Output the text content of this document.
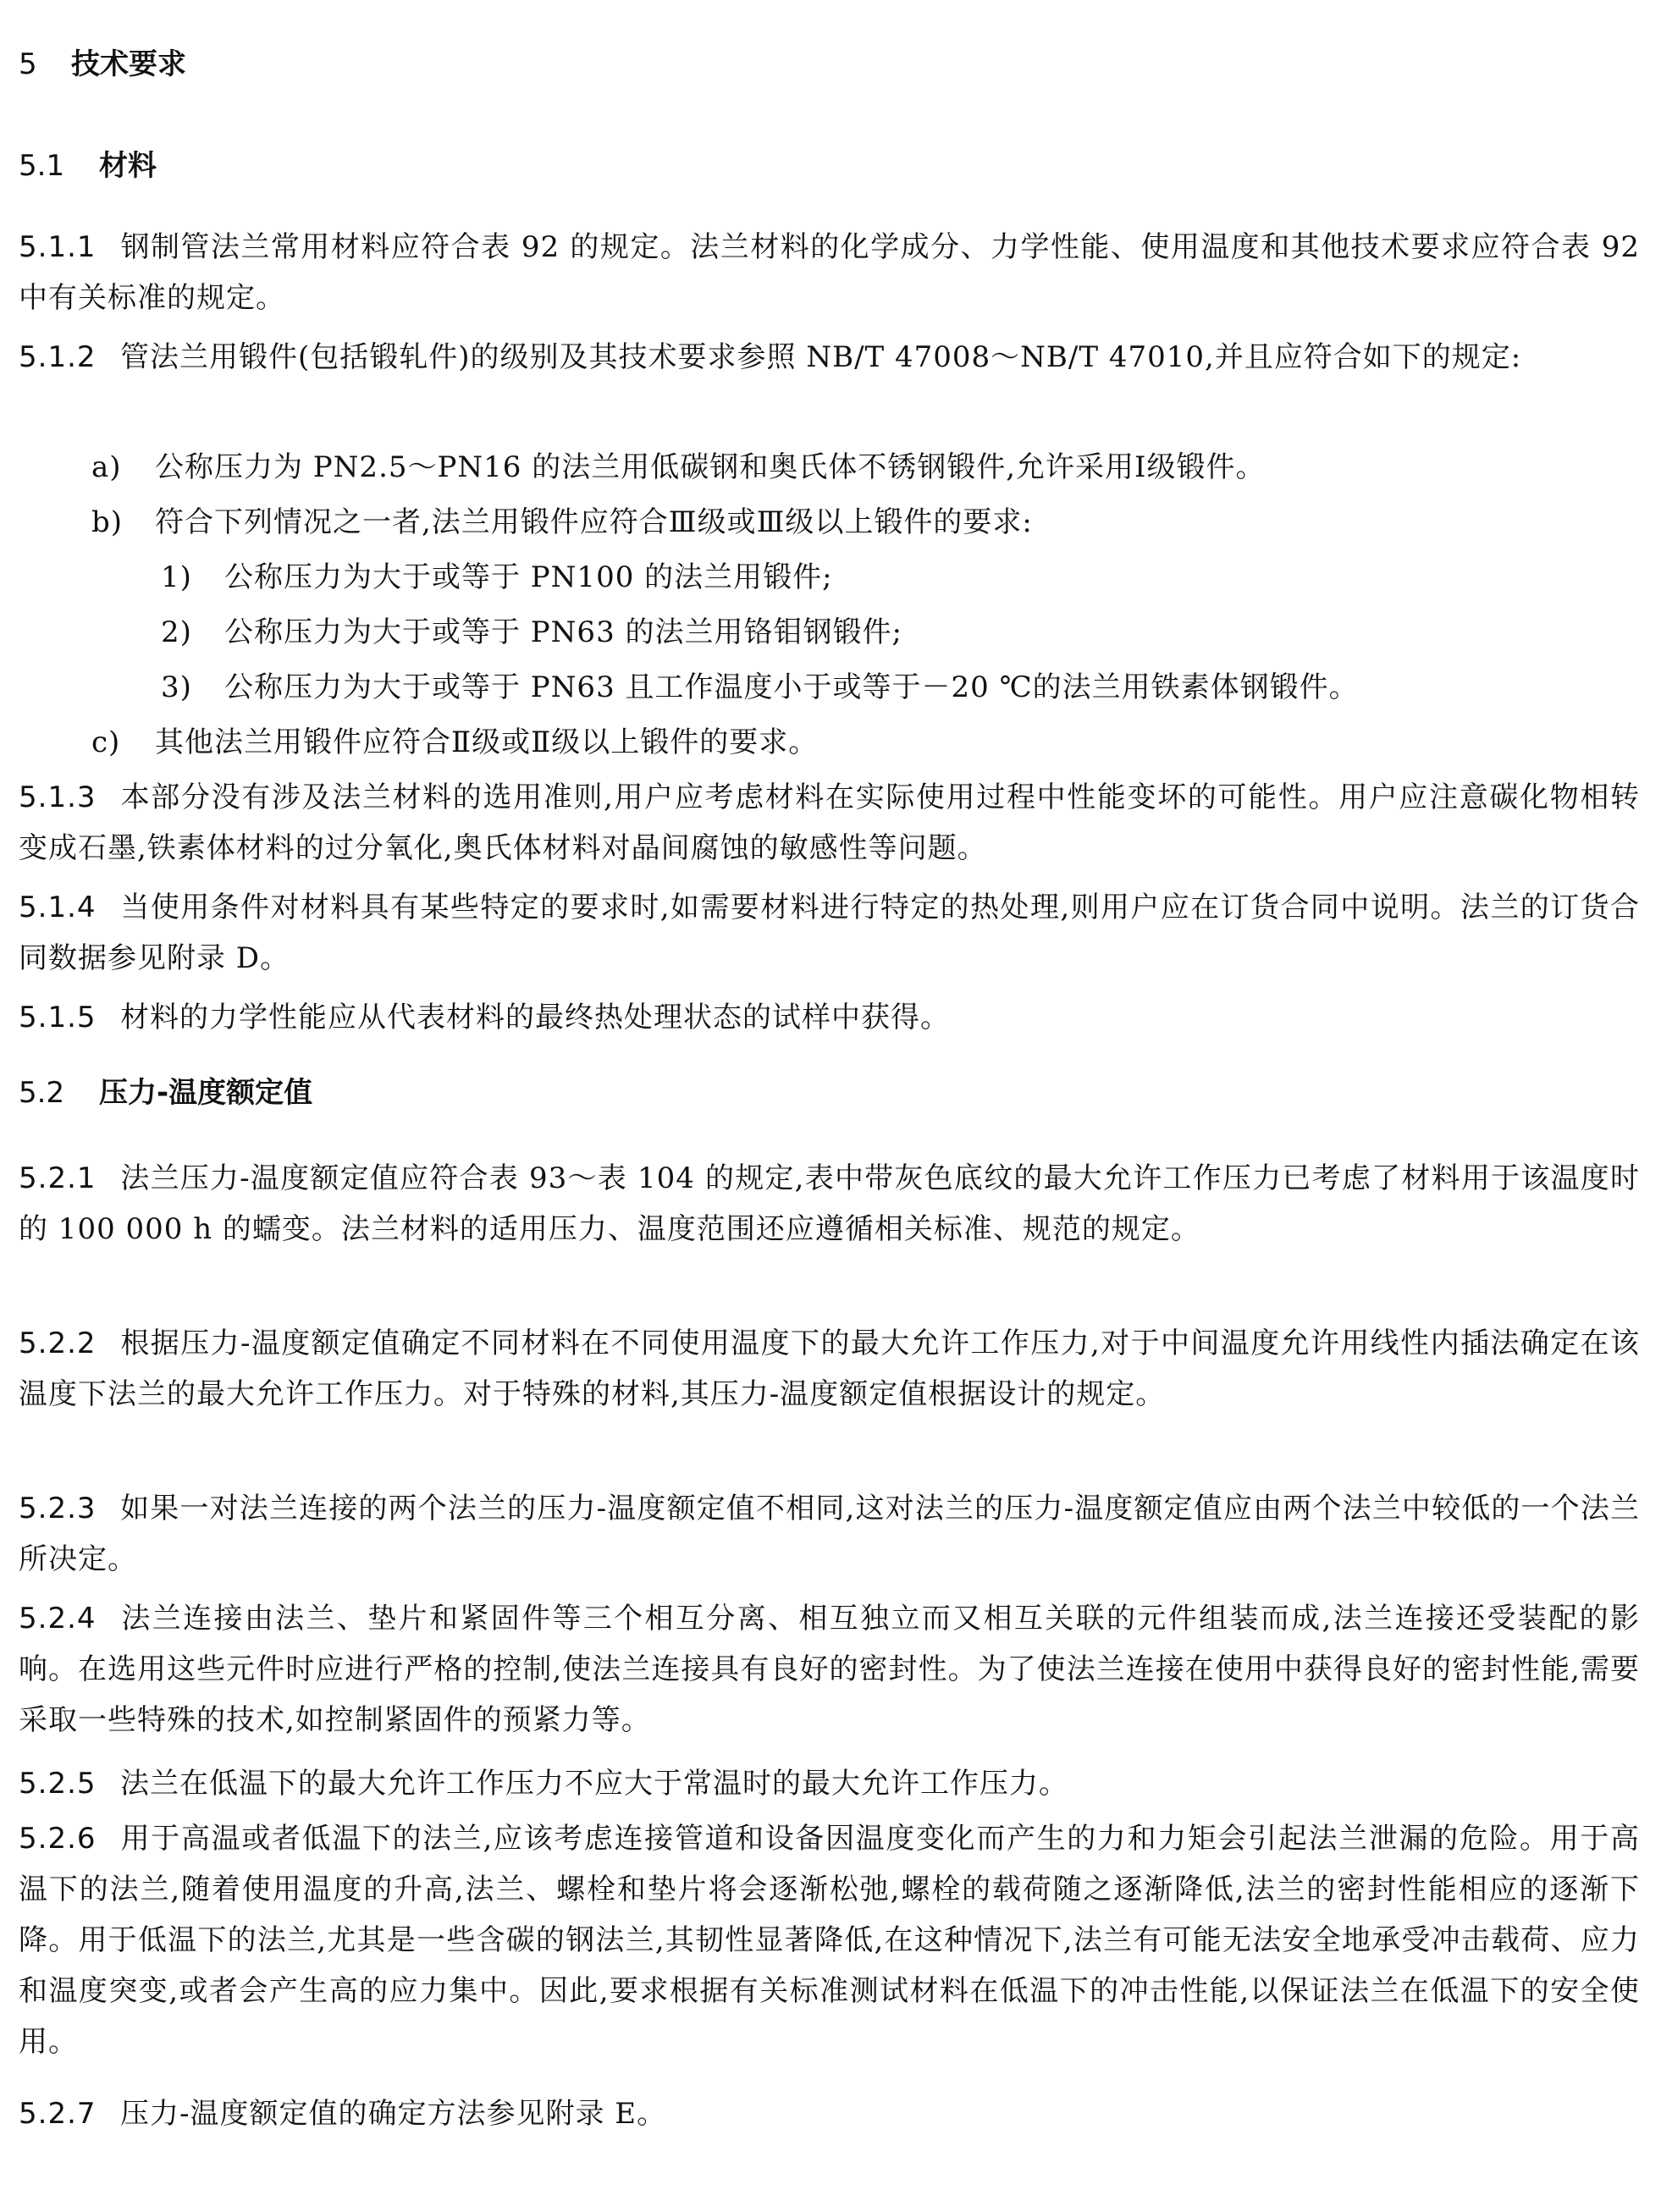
5 技术要求
5.1 材料
5.1.1 钢制管法兰常用材料应符合表 92 的规定。法兰材料的化学成分、力学性能、使用温度和其他技术要求应符合表 92 中有关标准的规定。
5.1.2 管法兰用锻件(包括锻轧件)的级别及其技术要求参照 NB/T 47008～NB/T 47010,并且应符合如下的规定:
a) 公称压力为 PN2.5～PN16 的法兰用低碳钢和奥氏体不锈钢锻件,允许采用Ⅰ级锻件。
b) 符合下列情况之一者,法兰用锻件应符合Ⅲ级或Ⅲ级以上锻件的要求:
1) 公称压力为大于或等于 PN100 的法兰用锻件;
2) 公称压力为大于或等于 PN63 的法兰用铬钼钢锻件;
3) 公称压力为大于或等于 PN63 且工作温度小于或等于－20 ℃的法兰用铁素体钢锻件。
c) 其他法兰用锻件应符合Ⅱ级或Ⅱ级以上锻件的要求。
5.1.3 本部分没有涉及法兰材料的选用准则,用户应考虑材料在实际使用过程中性能变坏的可能性。用户应注意碳化物相转变成石墨,铁素体材料的过分氧化,奥氏体材料对晶间腐蚀的敏感性等问题。
5.1.4 当使用条件对材料具有某些特定的要求时,如需要材料进行特定的热处理,则用户应在订货合同中说明。法兰的订货合同数据参见附录 D。
5.1.5 材料的力学性能应从代表材料的最终热处理状态的试样中获得。
5.2 压力-温度额定值
5.2.1 法兰压力-温度额定值应符合表 93～表 104 的规定,表中带灰色底纹的最大允许工作压力已考虑了材料用于该温度时的 100 000 h 的蠕变。法兰材料的适用压力、温度范围还应遵循相关标准、规范的规定。
5.2.2 根据压力-温度额定值确定不同材料在不同使用温度下的最大允许工作压力,对于中间温度允许用线性内插法确定在该温度下法兰的最大允许工作压力。对于特殊的材料,其压力-温度额定值根据设计的规定。
5.2.3 如果一对法兰连接的两个法兰的压力-温度额定值不相同,这对法兰的压力-温度额定值应由两个法兰中较低的一个法兰所决定。
5.2.4 法兰连接由法兰、垫片和紧固件等三个相互分离、相互独立而又相互关联的元件组装而成,法兰连接还受装配的影响。在选用这些元件时应进行严格的控制,使法兰连接具有良好的密封性。为了使法兰连接在使用中获得良好的密封性能,需要采取一些特殊的技术,如控制紧固件的预紧力等。
5.2.5 法兰在低温下的最大允许工作压力不应大于常温时的最大允许工作压力。
5.2.6 用于高温或者低温下的法兰,应该考虑连接管道和设备因温度变化而产生的力和力矩会引起法兰泄漏的危险。用于高温下的法兰,随着使用温度的升高,法兰、螺栓和垫片将会逐渐松弛,螺栓的载荷随之逐渐降低,法兰的密封性能相应的逐渐下降。用于低温下的法兰,尤其是一些含碳的钢法兰,其韧性显著降低,在这种情况下,法兰有可能无法安全地承受冲击载荷、应力和温度突变,或者会产生高的应力集中。因此,要求根据有关标准测试材料在低温下的冲击性能,以保证法兰在低温下的安全使用。
5.2.7 压力-温度额定值的确定方法参见附录 E。
